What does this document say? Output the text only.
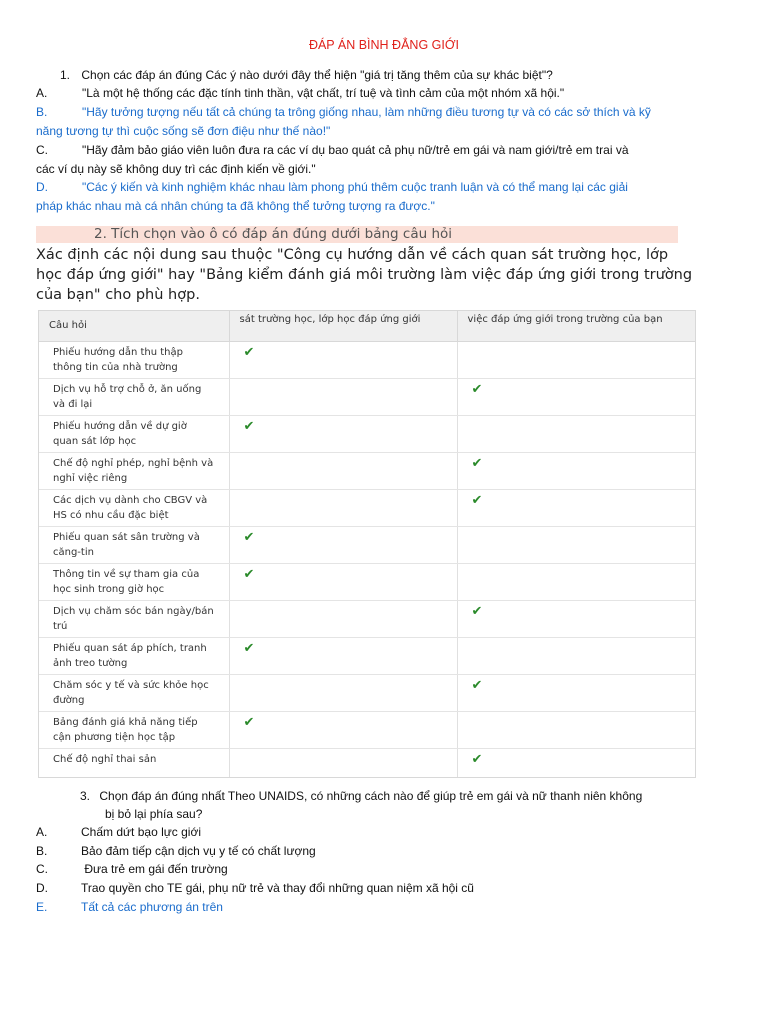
ĐÁP ÁN BÌNH ĐẲNG GIỚI
1. Chọn các đáp án đúng Các ý nào dưới đây thể hiện "giá trị tăng thêm của sự khác biệt"?
A.	"Là một hệ thống các đặc tính tinh thần, vật chất, trí tuệ và tình cảm của một nhóm xã hội."
B.	"Hãy tưởng tượng nếu tất cả chúng ta trông giống nhau, làm những điều tương tự và có các sở thích và kỹ
năng tương tự thì cuộc sống sẽ đơn điệu như thế nào!"
C.	"Hãy đảm bảo giáo viên luôn đưa ra các ví dụ bao quát cả phụ nữ/trẻ em gái và nam giới/trẻ em trai và
các ví dụ này sẽ không duy trì các định kiến về giới."
D.	"Các ý kiến và kinh nghiệm khác nhau làm phong phú thêm cuộc tranh luận và có thể mang lại các giải
pháp khác nhau mà cá nhân chúng ta đã không thể tưởng tượng ra được."
2. Tích chọn vào ô có đáp án đúng dưới bảng câu hỏi
Xác định các nội dung sau thuộc "Công cụ hướng dẫn về cách quan sát trường học, lớp học đáp ứng giới" hay "Bảng kiểm đánh giá môi trường làm việc đáp ứng giới trong trường của bạn" cho phù hợp.
Câu hỏi	sát trường học, lớp học đáp ứng giới	việc đáp ứng giới trong trường của bạn
Phiếu hướng dẫn thu thập thông tin của nhà trường	✔	
Dịch vụ hỗ trợ chỗ ở, ăn uống và đi lại		✔
Phiếu hướng dẫn về dự giờ quan sát lớp học	✔	
Chế độ nghỉ phép, nghỉ bệnh và nghỉ việc riêng		✔
Các dịch vụ dành cho CBGV và HS có nhu cầu đặc biệt		✔
Phiếu quan sát sân trường và căng-tin	✔	
Thông tin về sự tham gia của học sinh trong giờ học	✔	
Dịch vụ chăm sóc bán ngày/bán trú		✔
Phiếu quan sát áp phích, tranh ảnh treo tường	✔	
Chăm sóc y tế và sức khỏe học đường		✔
Bảng đánh giá khả năng tiếp cận phương tiện học tập	✔	
Chế độ nghỉ thai sản		✔
3. Chọn đáp án đúng nhất Theo UNAIDS, có những cách nào để giúp trẻ em gái và nữ thanh niên không
bị bỏ lại phía sau?
A.	Chấm dứt bạo lực giới
B.	Bảo đảm tiếp cận dịch vụ y tế có chất lượng
C.	Đưa trẻ em gái đến trường
D.	Trao quyền cho TE gái, phụ nữ trẻ và thay đổi những quan niệm xã hội cũ
E.	Tất cả các phương án trên
